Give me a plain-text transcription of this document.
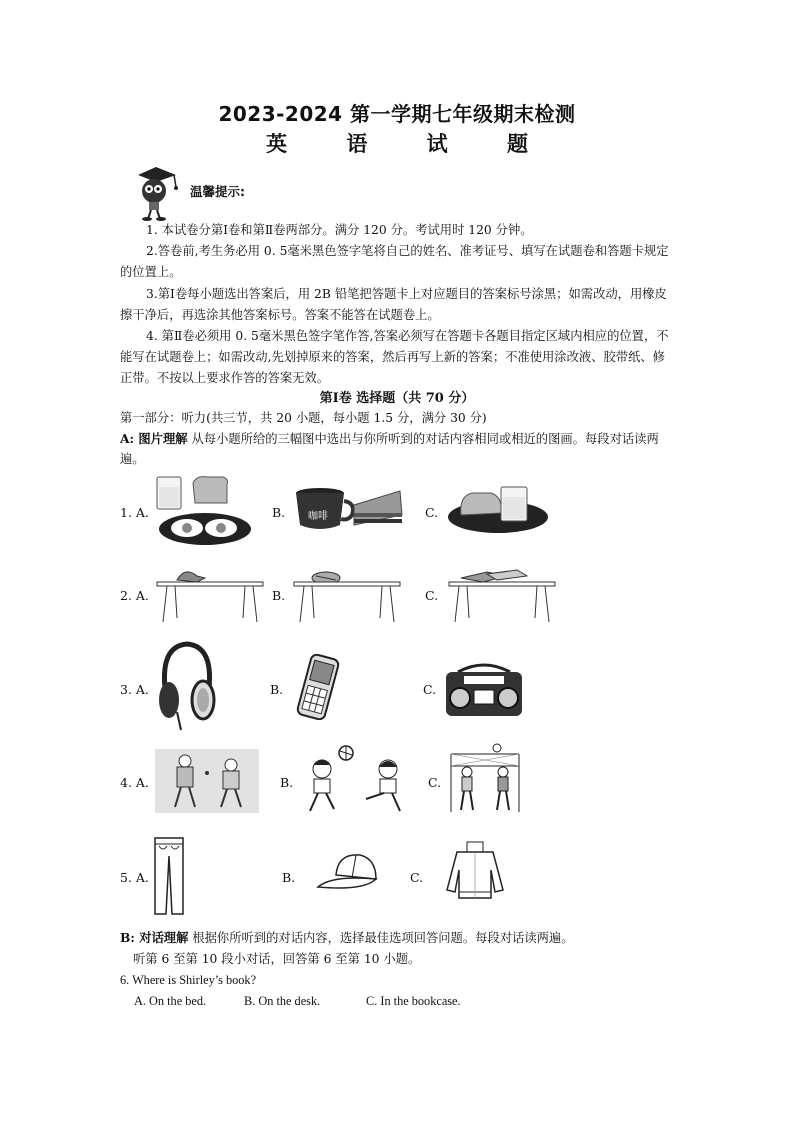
2023-2024 第一学期七年级期末检测
英 语 试 题
温馨提示:
1. 本试卷分第Ⅰ卷和第Ⅱ卷两部分。满分 120 分。考试用时 120 分钟。
2.答卷前,考生务必用 0. 5毫米黑色签字笔将自己的姓名、准考证号、填写在试题卷和答题卡规定的位置上。
3.第Ⅰ卷每小题选出答案后，用 2B 铅笔把答题卡上对应题目的答案标号涂黑；如需改动，用橡皮擦干净后，再选涂其他答案标号。答案不能答在试题卷上。
4. 第Ⅱ卷必须用 0. 5毫米黑色签字笔作答,答案必须写在答题卡各题目指定区域内相应的位置，不能写在试题卷上；如需改动,先划掉原来的答案，然后再写上新的答案；不准使用涂改液、胶带纸、修正带。不按以上要求作答的答案无效。
第Ⅰ卷 选择题（共 70 分）
第一部分：听力(共三节，共 20 小题，每小题 1.5 分，满分 30 分)
A: 图片理解 从每小题所给的三幅图中选出与你所听到的对话内容相同或相近的图画。每段对话读两遍。
1. A.	B. 咖啡	C.
2. A.	B.	C.
3. A.	B.	C.
4. A.	B.	C.
5. A.	B.	C.
B: 对话理解 根据你所听到的对话内容，选择最佳选项回答问题。每段对话读两遍。
听第 6 至第 10 段小对话，回答第 6 至第 10 小题。
6. Where is Shirley’s book?
A. On the bed.	B. On the desk.	C. In the bookcase.
